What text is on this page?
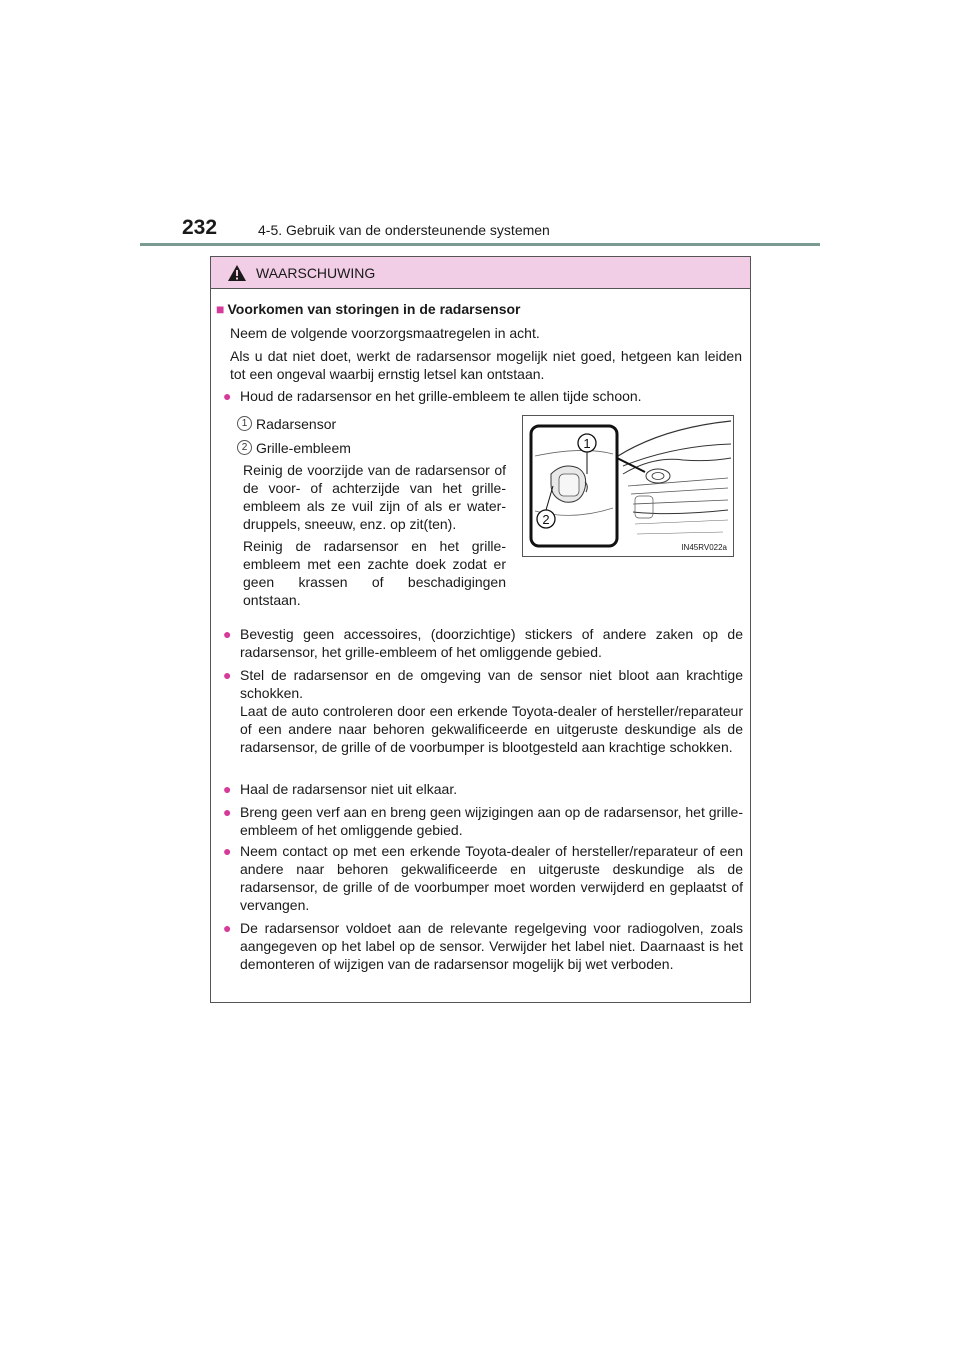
232	4-5. Gebruik van de ondersteunende systemen
WAARSCHUWING
■ Voorkomen van storingen in de radarsensor
Neem de volgende voorzorgsmaatregelen in acht.
Als u dat niet doet, werkt de radarsensor mogelijk niet goed, hetgeen kan leiden tot een ongeval waarbij ernstig letsel kan ontstaan.
● Houd de radarsensor en het grille-embleem te allen tijde schoon.
1 Radarsensor
2 Grille-embleem
Reinig de voorzijde van de radarsensor of de voor- of achterzijde van het grille-embleem als ze vuil zijn of als er water-druppels, sneeuw, enz. op zit(ten).
Reinig de radarsensor en het grille-embleem met een zachte doek zodat er geen krassen of beschadigingen ontstaan.
1
2
IN45RV022a
● Bevestig geen accessoires, (doorzichtige) stickers of andere zaken op de radarsensor, het grille-embleem of het omliggende gebied.
● Stel de radarsensor en de omgeving van de sensor niet bloot aan krachtige schokken.
Laat de auto controleren door een erkende Toyota-dealer of hersteller/reparateur of een andere naar behoren gekwalificeerde en uitgeruste deskundige als de radarsensor, de grille of de voorbumper is blootgesteld aan krachtige schokken.
● Haal de radarsensor niet uit elkaar.
● Breng geen verf aan en breng geen wijzigingen aan op de radarsensor, het grille-embleem of het omliggende gebied.
● Neem contact op met een erkende Toyota-dealer of hersteller/reparateur of een andere naar behoren gekwalificeerde en uitgeruste deskundige als de radarsensor, de grille of de voorbumper moet worden verwijderd en geplaatst of vervangen.
● De radarsensor voldoet aan de relevante regelgeving voor radiogolven, zoals aangegeven op het label op de sensor. Verwijder het label niet. Daarnaast is het demonteren of wijzigen van de radarsensor mogelijk bij wet verboden.
